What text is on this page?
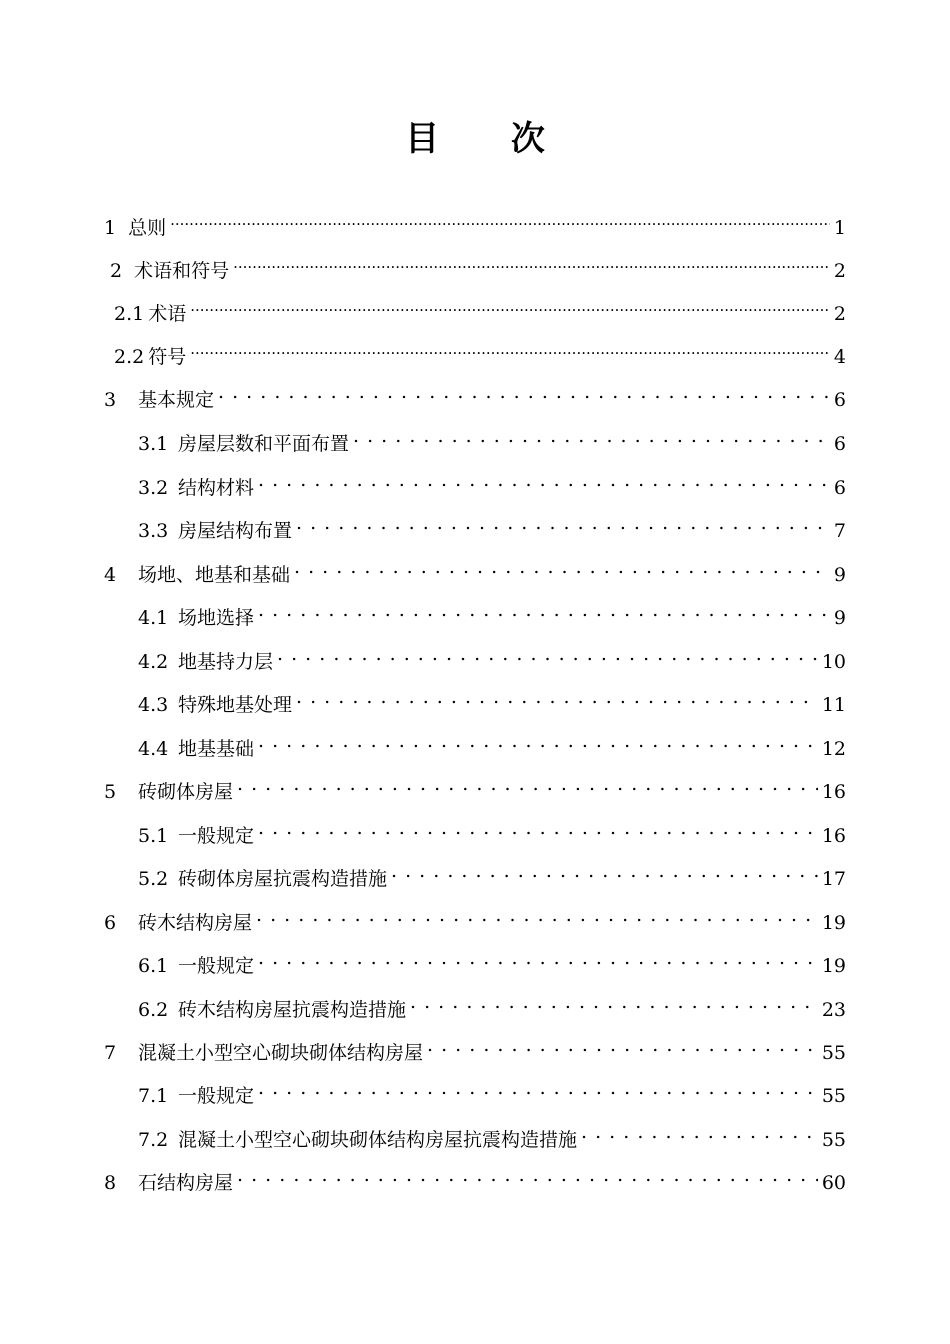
目 次
1 总则 .....	1
2 术语和符号 .....	2
2.1 术语 .....	2
2.2 符号 .....	4
3	基本规定 . . .	6
3.1 房屋层数和平面布置 . . .	6
3.2 结构材料 . . .	6
3.3 房屋结构布置 . . .	7
4	场地、地基和基础 . . .	9
4.1 场地选择 . . .	9
4.2 地基持力层 . . .	10
4.3 特殊地基处理 . . .	11
4.4 地基基础 . . .	12
5	砖砌体房屋 . . .	16
5.1 一般规定 . . .	16
5.2 砖砌体房屋抗震构造措施 . . .	17
6	砖木结构房屋 . . .	19
6.1 一般规定 . . .	19
6.2 砖木结构房屋抗震构造措施 . . .	23
7	混凝土小型空心砌块砌体结构房屋 . . .	55
7.1 一般规定 . . .	55
7.2 混凝土小型空心砌块砌体结构房屋抗震构造措施 . . .	55
8	石结构房屋 . . .	60
